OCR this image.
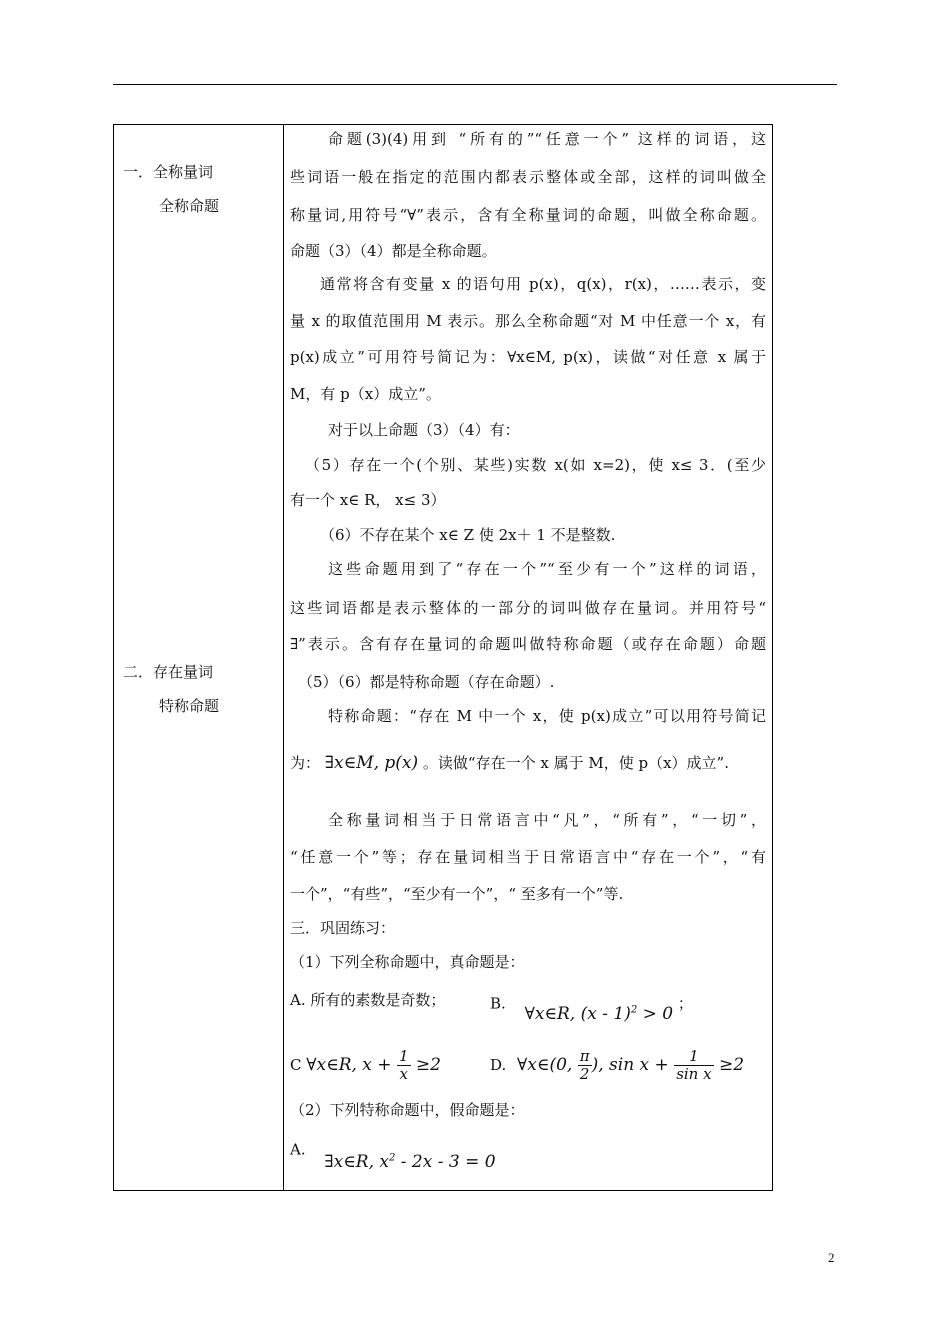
一．全称量词
全称命题
二．存在量词
特称命题
命题(3)(4)用到 “所有的”“任意一个” 这样的词语，这
些词语一般在指定的范围内都表示整体或全部，这样的词叫做全
称量词,用符号“∀”表示，含有全称量词的命题，叫做全称命题。
命题（3）（4）都是全称命题。
通常将含有变量 x 的语句用 p(x)，q(x)，r(x)，……表示，变
量 x 的取值范围用 M 表示。那么全称命题“对 M 中任意一个 x，有
p(x)成立”可用符号简记为：∀x∈M, p(x)，读做“对任意 x 属于
M，有 p（x）成立”。
对于以上命题（3）（4）有：
（5）存在一个(个别、某些)实数 x(如 x=2)，使 x≤ 3．(至少
有一个 x∈ R， x≤ 3）
（6）不存在某个 x∈ Z 使 2x＋ 1 不是整数.
这些命题用到了“存在一个”“至少有一个”这样的词语，
这些词语都是表示整体的一部分的词叫做存在量词。并用符号“
∃”表示。含有存在量词的命题叫做特称命题（或存在命题）命题
（5）（6）都是特称命题（存在命题）.
特称命题：“存在 M 中一个 x，使 p(x)成立”可以用符号简记
为： ∃x∈M, p(x) 。读做“存在一个 x 属于 M，使 p（x）成立”.
全称量词相当于日常语言中“凡”，“所有”，“一切”，
“任意一个”等；存在量词相当于日常语言中“存在一个”，“有
一个”，“有些”，“至少有一个”，“ 至多有一个”等.
三．巩固练习：
（1）下列全称命题中，真命题是：
A. 所有的素数是奇数；	B. ∀x∈R, (x - 1)$^2$ > 0 ；
C ∀x∈R, $x + \frac{1}{x} \ge 2$	D. ∀x∈(0, $\frac{\pi}{2}$ ), $\sin x + \frac{1}{\text{sin x}} \ge 2$
（2）下列特称命题中，假命题是：
A. ∃x∈R, $x^2 - 2x - 3 = 0$
2
